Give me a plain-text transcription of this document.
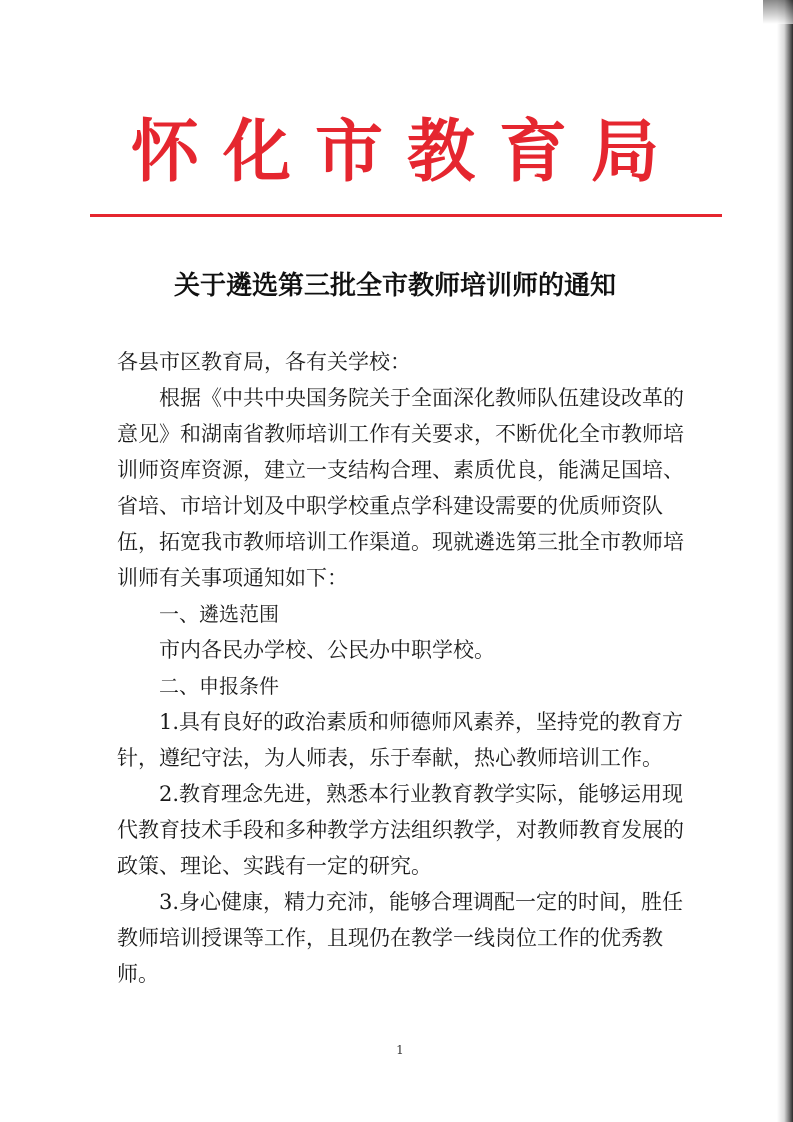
怀化市教育局
关于遴选第三批全市教师培训师的通知
各县市区教育局，各有关学校：
根据《中共中央国务院关于全面深化教师队伍建设改革的
意见》和湖南省教师培训工作有关要求，不断优化全市教师培
训师资库资源，建立一支结构合理、素质优良，能满足国培、
省培、市培计划及中职学校重点学科建设需要的优质师资队
伍，拓宽我市教师培训工作渠道。现就遴选第三批全市教师培
训师有关事项通知如下：
一、遴选范围
市内各民办学校、公民办中职学校。
二、申报条件
1.具有良好的政治素质和师德师风素养，坚持党的教育方
针，遵纪守法，为人师表，乐于奉献，热心教师培训工作。
2.教育理念先进，熟悉本行业教育教学实际，能够运用现
代教育技术手段和多种教学方法组织教学，对教师教育发展的
政策、理论、实践有一定的研究。
3.身心健康，精力充沛，能够合理调配一定的时间，胜任
教师培训授课等工作，且现仍在教学一线岗位工作的优秀教
师。
1
